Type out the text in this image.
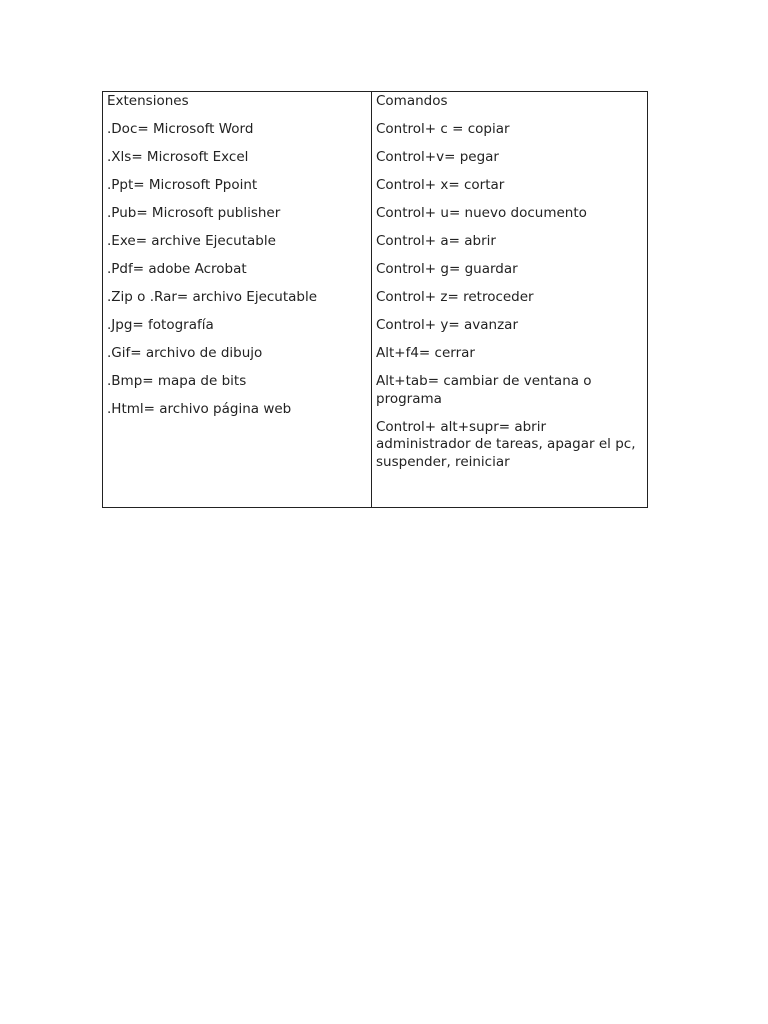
Extensiones

.Doc= Microsoft Word

.Xls= Microsoft Excel

.Ppt= Microsoft Ppoint

.Pub= Microsoft publisher

.Exe= archive Ejecutable

.Pdf= adobe Acrobat

.Zip o .Rar= archivo Ejecutable

.Jpg= fotografía

.Gif= archivo de dibujo

.Bmp= mapa de bits

.Html= archivo página web

Comandos

Control+ c = copiar

Control+v= pegar

Control+ x= cortar

Control+ u= nuevo documento

Control+ a= abrir

Control+ g= guardar

Control+ z= retroceder

Control+ y= avanzar

Alt+f4= cerrar

Alt+tab= cambiar de ventana o programa

Control+ alt+supr= abrir administrador de tareas, apagar el pc, suspender, reiniciar
